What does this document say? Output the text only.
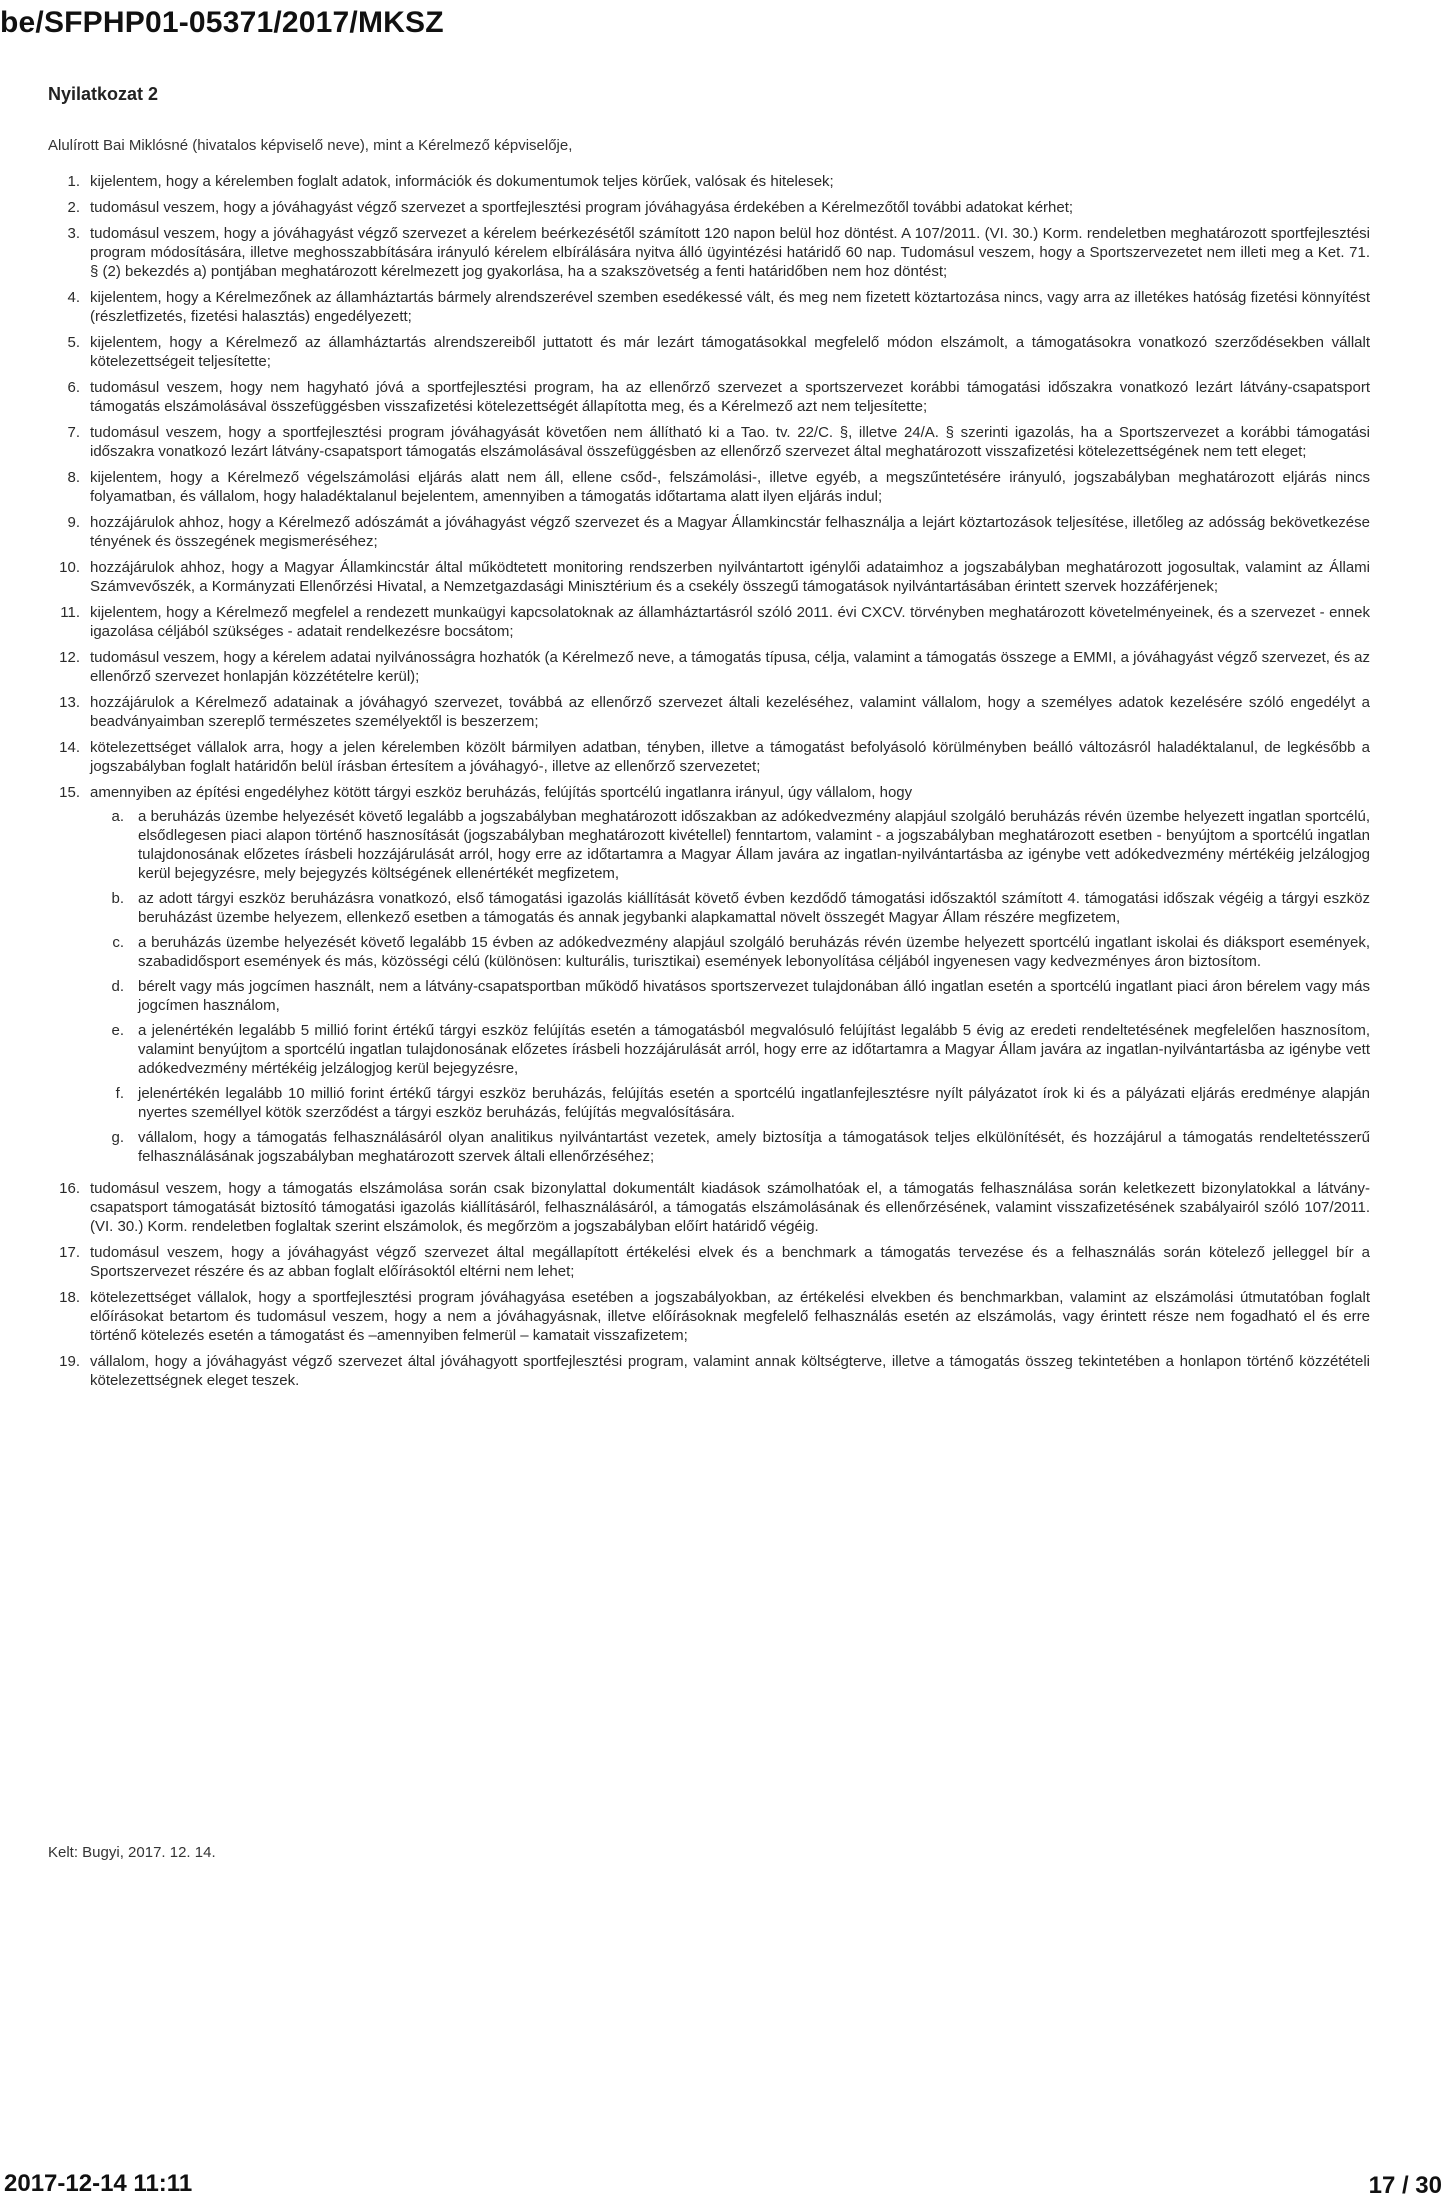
be/SFPHP01-05371/2017/MKSZ
Nyilatkozat 2
Alulírott Bai Miklósné (hivatalos képviselő neve), mint a Kérelmező képviselője,
1. kijelentem, hogy a kérelemben foglalt adatok, információk és dokumentumok teljes körűek, valósak és hitelesek;
2. tudomásul veszem, hogy a jóváhagyást végző szervezet a sportfejlesztési program jóváhagyása érdekében a Kérelmezőtől további adatokat kérhet;
3. tudomásul veszem, hogy a jóváhagyást végző szervezet a kérelem beérkezésétől számított 120 napon belül hoz döntést. A 107/2011. (VI. 30.) Korm. rendeletben meghatározott sportfejlesztési program módosítására, illetve meghosszabbítására irányuló kérelem elbírálására nyitva álló ügyintézési határidő 60 nap. Tudomásul veszem, hogy a Sportszervezetet nem illeti meg a Ket. 71. § (2) bekezdés a) pontjában meghatározott kérelmezett jog gyakorlása, ha a szakszövetség a fenti határidőben nem hoz döntést;
4. kijelentem, hogy a Kérelmezőnek az államháztartás bármely alrendszerével szemben esedékessé vált, és meg nem fizetett köztartozása nincs, vagy arra az illetékes hatóság fizetési könnyítést (részletfizetés, fizetési halasztás) engedélyezett;
5. kijelentem, hogy a Kérelmező az államháztartás alrendszereiből juttatott és már lezárt támogatásokkal megfelelő módon elszámolt, a támogatásokra vonatkozó szerződésekben vállalt kötelezettségeit teljesítette;
6. tudomásul veszem, hogy nem hagyható jóvá a sportfejlesztési program, ha az ellenőrző szervezet a sportszervezet korábbi támogatási időszakra vonatkozó lezárt látvány-csapatsport támogatás elszámolásával összefüggésben visszafizetési kötelezettségét állapította meg, és a Kérelmező azt nem teljesítette;
7. tudomásul veszem, hogy a sportfejlesztési program jóváhagyását követően nem állítható ki a Tao. tv. 22/C. §, illetve 24/A. § szerinti igazolás, ha a Sportszervezet a korábbi támogatási időszakra vonatkozó lezárt látvány-csapatsport támogatás elszámolásával összefüggésben az ellenőrző szervezet által meghatározott visszafizetési kötelezettségének nem tett eleget;
8. kijelentem, hogy a Kérelmező végelszámolási eljárás alatt nem áll, ellene csőd-, felszámolási-, illetve egyéb, a megszűntetésére irányuló, jogszabályban meghatározott eljárás nincs folyamatban, és vállalom, hogy haladéktalanul bejelentem, amennyiben a támogatás időtartama alatt ilyen eljárás indul;
9. hozzájárulok ahhoz, hogy a Kérelmező adószámát a jóváhagyást végző szervezet és a Magyar Államkincstár felhasználja a lejárt köztartozások teljesítése, illetőleg az adósság bekövetkezése tényének és összegének megismeréséhez;
10. hozzájárulok ahhoz, hogy a Magyar Államkincstár által működtetett monitoring rendszerben nyilvántartott igénylői adataimhoz a jogszabályban meghatározott jogosultak, valamint az Állami Számvevőszék, a Kormányzati Ellenőrzési Hivatal, a Nemzetgazdasági Minisztérium és a csekély összegű támogatások nyilvántartásában érintett szervek hozzáférjenek;
11. kijelentem, hogy a Kérelmező megfelel a rendezett munkaügyi kapcsolatoknak az államháztartásról szóló 2011. évi CXCV. törvényben meghatározott követelményeinek, és a szervezet - ennek igazolása céljából szükséges - adatait rendelkezésre bocsátom;
12. tudomásul veszem, hogy a kérelem adatai nyilvánosságra hozhatók (a Kérelmező neve, a támogatás típusa, célja, valamint a támogatás összege a EMMI, a jóváhagyást végző szervezet, és az ellenőrző szervezet honlapján közzétételre kerül);
13. hozzájárulok a Kérelmező adatainak a jóváhagyó szervezet, továbbá az ellenőrző szervezet általi kezeléséhez, valamint vállalom, hogy a személyes adatok kezelésére szóló engedélyt a beadványaimban szereplő természetes személyektől is beszerzem;
14. kötelezettséget vállalok arra, hogy a jelen kérelemben közölt bármilyen adatban, tényben, illetve a támogatást befolyásoló körülményben beálló változásról haladéktalanul, de legkésőbb a jogszabályban foglalt határidőn belül írásban értesítem a jóváhagyó-, illetve az ellenőrző szervezetet;
15. amennyiben az építési engedélyhez kötött tárgyi eszköz beruházás, felújítás sportcélú ingatlanra irányul, úgy vállalom, hogy
a. a beruházás üzembe helyezését követő legalább a jogszabályban meghatározott időszakban az adókedvezmény alapjául szolgáló beruházás révén üzembe helyezett ingatlan sportcélú, elsődlegesen piaci alapon történő hasznosítását (jogszabályban meghatározott kivétellel) fenntartom, valamint - a jogszabályban meghatározott esetben - benyújtom a sportcélú ingatlan tulajdonosának előzetes írásbeli hozzájárulását arról, hogy erre az időtartamra a Magyar Állam javára az ingatlan-nyilvántartásba az igénybe vett adókedvezmény mértékéig jelzálogjog kerül bejegyzésre, mely bejegyzés költségének ellenértékét megfizetem,
b. az adott tárgyi eszköz beruházásra vonatkozó, első támogatási igazolás kiállítását követő évben kezdődő támogatási időszaktól számított 4. támogatási időszak végéig a tárgyi eszköz beruházást üzembe helyezem, ellenkező esetben a támogatás és annak jegybanki alapkamattal növelt összegét Magyar Állam részére megfizetem,
c. a beruházás üzembe helyezését követő legalább 15 évben az adókedvezmény alapjául szolgáló beruházás révén üzembe helyezett sportcélú ingatlant iskolai és diáksport események, szabadidősport események és más, közösségi célú (különösen: kulturális, turisztikai) események lebonyolítása céljából ingyenesen vagy kedvezményes áron biztosítom.
d. bérelt vagy más jogcímen használt, nem a látvány-csapatsportban működő hivatásos sportszervezet tulajdonában álló ingatlan esetén a sportcélú ingatlant piaci áron bérelem vagy más jogcímen használom,
e. a jelenértékén legalább 5 millió forint értékű tárgyi eszköz felújítás esetén a támogatásból megvalósuló felújítást legalább 5 évig az eredeti rendeltetésének megfelelően hasznosítom, valamint benyújtom a sportcélú ingatlan tulajdonosának előzetes írásbeli hozzájárulását arról, hogy erre az időtartamra a Magyar Állam javára az ingatlan-nyilvántartásba az igénybe vett adókedvezmény mértékéig jelzálogjog kerül bejegyzésre,
f. jelenértékén legalább 10 millió forint értékű tárgyi eszköz beruházás, felújítás esetén a sportcélú ingatlanfejlesztésre nyílt pályázatot írok ki és a pályázati eljárás eredménye alapján nyertes személlyel kötök szerződést a tárgyi eszköz beruházás, felújítás megvalósítására.
g. vállalom, hogy a támogatás felhasználásáról olyan analitikus nyilvántartást vezetek, amely biztosítja a támogatások teljes elkülönítését, és hozzájárul a támogatás rendeltetésszerű felhasználásának jogszabályban meghatározott szervek általi ellenőrzéséhez;
16. tudomásul veszem, hogy a támogatás elszámolása során csak bizonylattal dokumentált kiadások számolhatóak el, a támogatás felhasználása során keletkezett bizonylatokkal a látvány-csapatsport támogatását biztosító támogatási igazolás kiállításáról, felhasználásáról, a támogatás elszámolásának és ellenőrzésének, valamint visszafizetésének szabályairól szóló 107/2011. (VI. 30.) Korm. rendeletben foglaltak szerint elszámolok, és megőrzöm a jogszabályban előírt határidő végéig.
17. tudomásul veszem, hogy a jóváhagyást végző szervezet által megállapított értékelési elvek és a benchmark a támogatás tervezése és a felhasználás során kötelező jelleggel bír a Sportszervezet részére és az abban foglalt előírásoktól eltérni nem lehet;
18. kötelezettséget vállalok, hogy a sportfejlesztési program jóváhagyása esetében a jogszabályokban, az értékelési elvekben és benchmarkban, valamint az elszámolási útmutatóban foglalt előírásokat betartom és tudomásul veszem, hogy a nem a jóváhagyásnak, illetve előírásoknak megfelelő felhasználás esetén az elszámolás, vagy érintett része nem fogadható el és erre történő kötelezés esetén a támogatást és –amennyiben felmerül – kamatait visszafizetem;
19. vállalom, hogy a jóváhagyást végző szervezet által jóváhagyott sportfejlesztési program, valamint annak költségterve, illetve a támogatás összeg tekintetében a honlapon történő közzétételi kötelezettségnek eleget teszek.
Kelt: Bugyi, 2017. 12. 14.
2017-12-14 11:11	17 / 30
